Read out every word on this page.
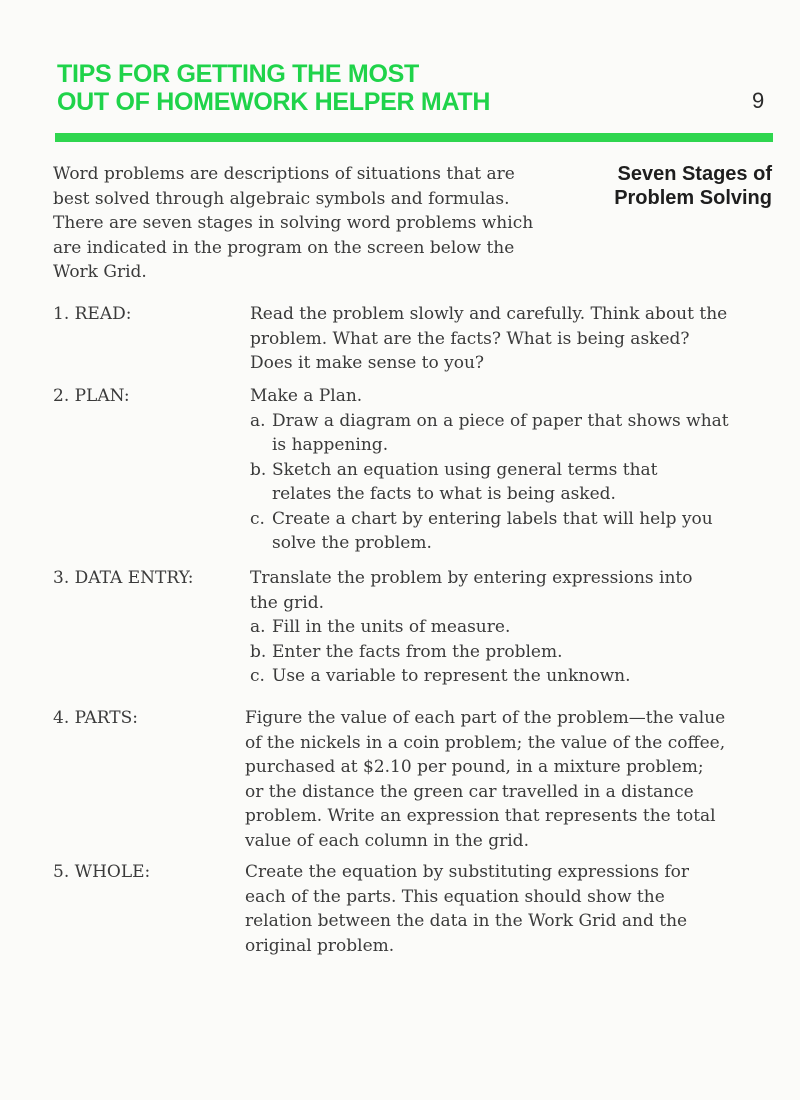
TIPS FOR GETTING THE MOST
OUT OF HOMEWORK HELPER MATH	9
Word problems are descriptions of situations that are
best solved through algebraic symbols and formulas.
There are seven stages in solving word problems which
are indicated in the program on the screen below the
Work Grid.
Seven Stages of
Problem Solving
1. READ:	Read the problem slowly and carefully. Think about the
problem. What are the facts? What is being asked?
Does it make sense to you?
2. PLAN:	Make a Plan.
a. Draw a diagram on a piece of paper that shows what
is happening.
b. Sketch an equation using general terms that
relates the facts to what is being asked.
c. Create a chart by entering labels that will help you
solve the problem.
3. DATA ENTRY:	Translate the problem by entering expressions into
the grid.
a. Fill in the units of measure.
b. Enter the facts from the problem.
c. Use a variable to represent the unknown.
4. PARTS:	Figure the value of each part of the problem—the value
of the nickels in a coin problem; the value of the coffee,
purchased at $2.10 per pound, in a mixture problem;
or the distance the green car travelled in a distance
problem. Write an expression that represents the total
value of each column in the grid.
5. WHOLE:	Create the equation by substituting expressions for
each of the parts. This equation should show the
relation between the data in the Work Grid and the
original problem.
